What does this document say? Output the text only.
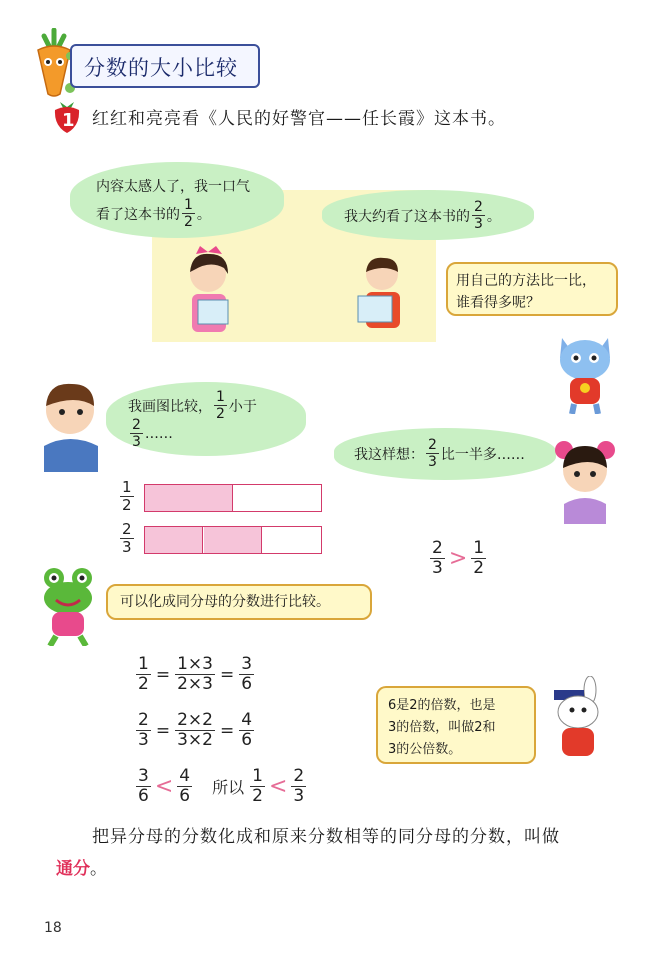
分数的大小比较
1 红红和亮亮看《人民的好警官——任长霞》这本书。
内容太感人了，我一口气
看了这本书的 $\frac{1}{2}$ 。	我大约看了这本书的 $\frac{2}{3}$ 。
用自己的方法比一比，
谁看得多呢？
我画图比较， $\frac{1}{2}$ 小于
$\frac{2}{3}$ ……
我这样想： $\frac{2}{3}$ 比一半多……
$\frac{1}{2}$
$\frac{2}{3}$
$\frac{2}{3} > \frac{1}{2}$
可以化成同分母的分数进行比较。
$\frac{1}{2} = \frac{1\times 3}{2\times 3} = \frac{3}{6}$
$\frac{2}{3} = \frac{2\times 2}{3\times 2} = \frac{4}{6}$
$\frac{3}{6} < \frac{4}{6}$ 所以 $\frac{1}{2} < \frac{2}{3}$
6是2的倍数，也是
3的倍数，叫做2和
3的公倍数。
把异分母的分数化成和原来分数相等的同分母的分数，叫做
通分。
18
